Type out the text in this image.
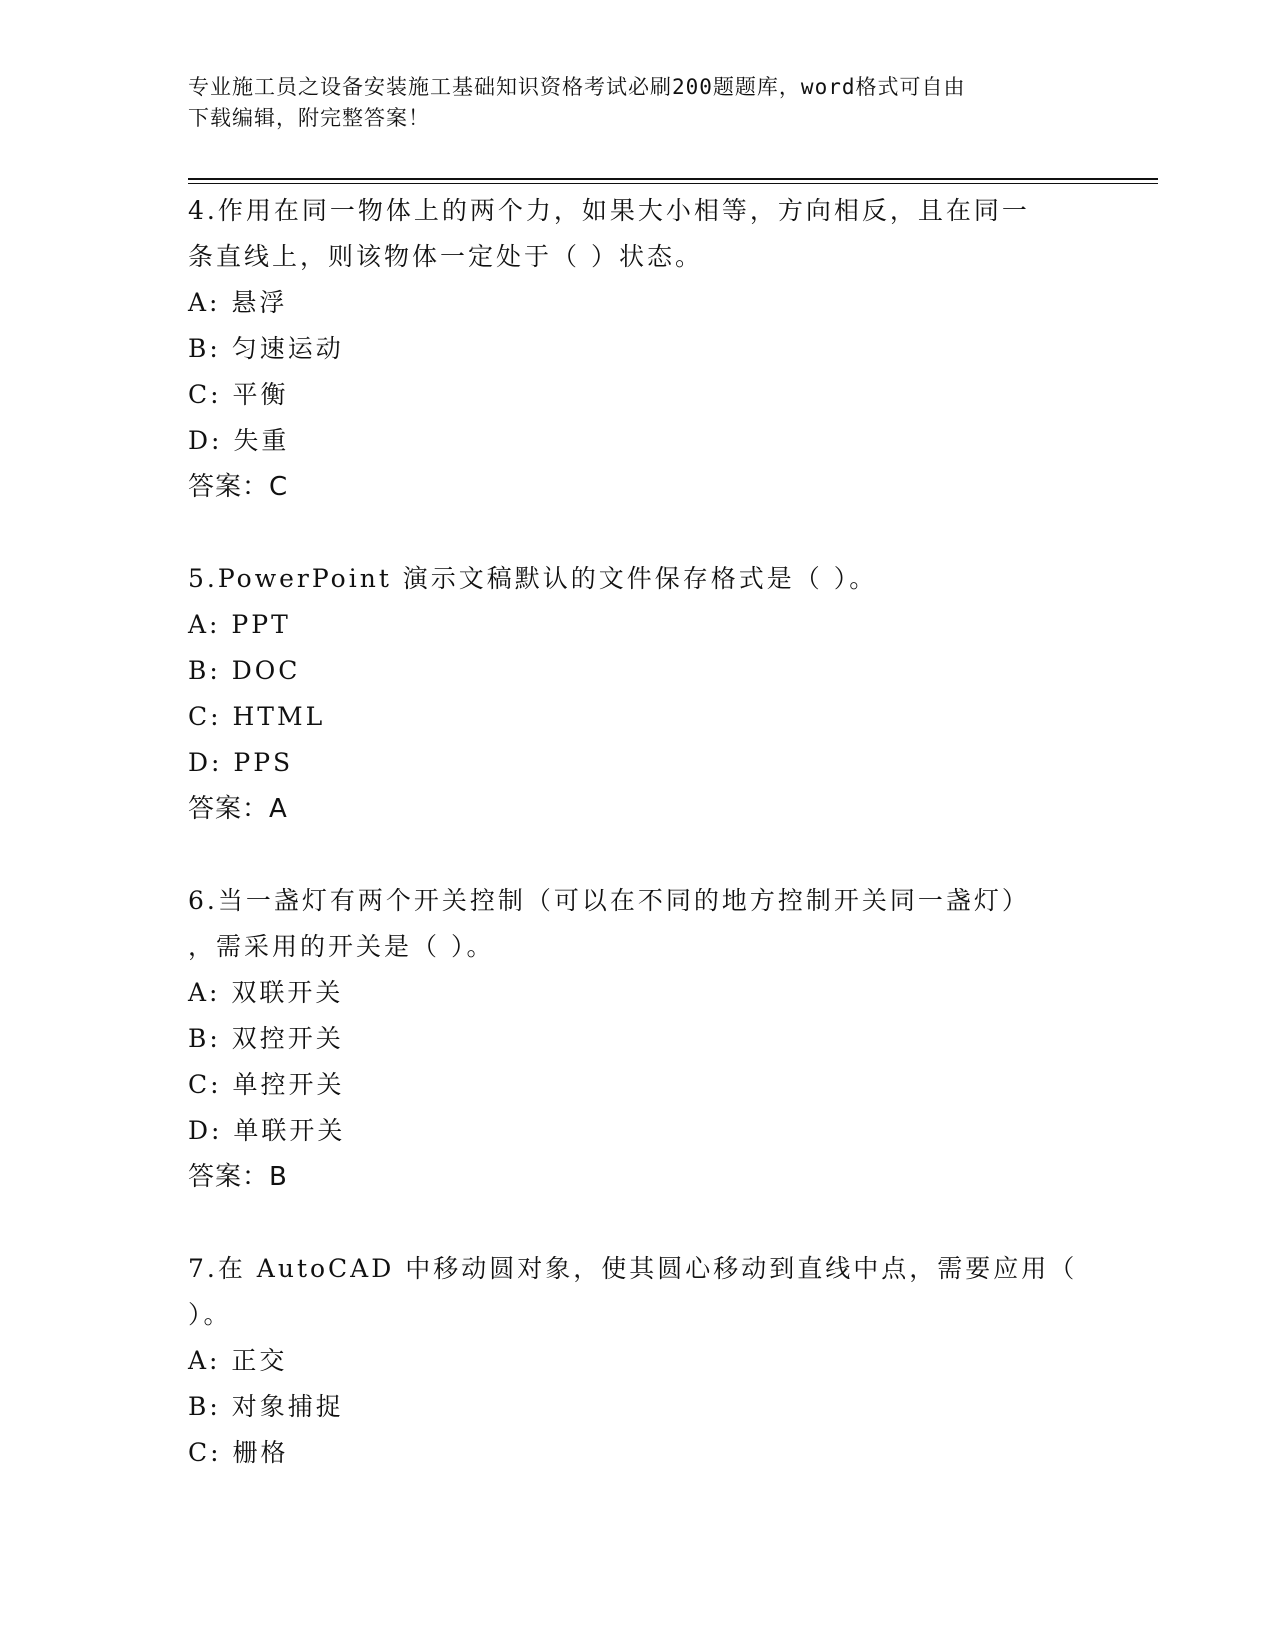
专业施工员之设备安装施工基础知识资格考试必刷200题题库，word格式可自由
下载编辑，附完整答案！
4.作用在同一物体上的两个力，如果大小相等，方向相反，且在同一
条直线上，则该物体一定处于（ ）状态。
A: 悬浮
B: 匀速运动
C: 平衡
D: 失重
答案：C
5.PowerPoint 演示文稿默认的文件保存格式是（ ）。
A: PPT
B: DOC
C: HTML
D: PPS
答案：A
6.当一盏灯有两个开关控制（可以在不同的地方控制开关同一盏灯）
，需采用的开关是（ ）。
A: 双联开关
B: 双控开关
C: 单控开关
D: 单联开关
答案：B
7.在 AutoCAD 中移动圆对象，使其圆心移动到直线中点，需要应用（
）。
A: 正交
B: 对象捕捉
C: 栅格
